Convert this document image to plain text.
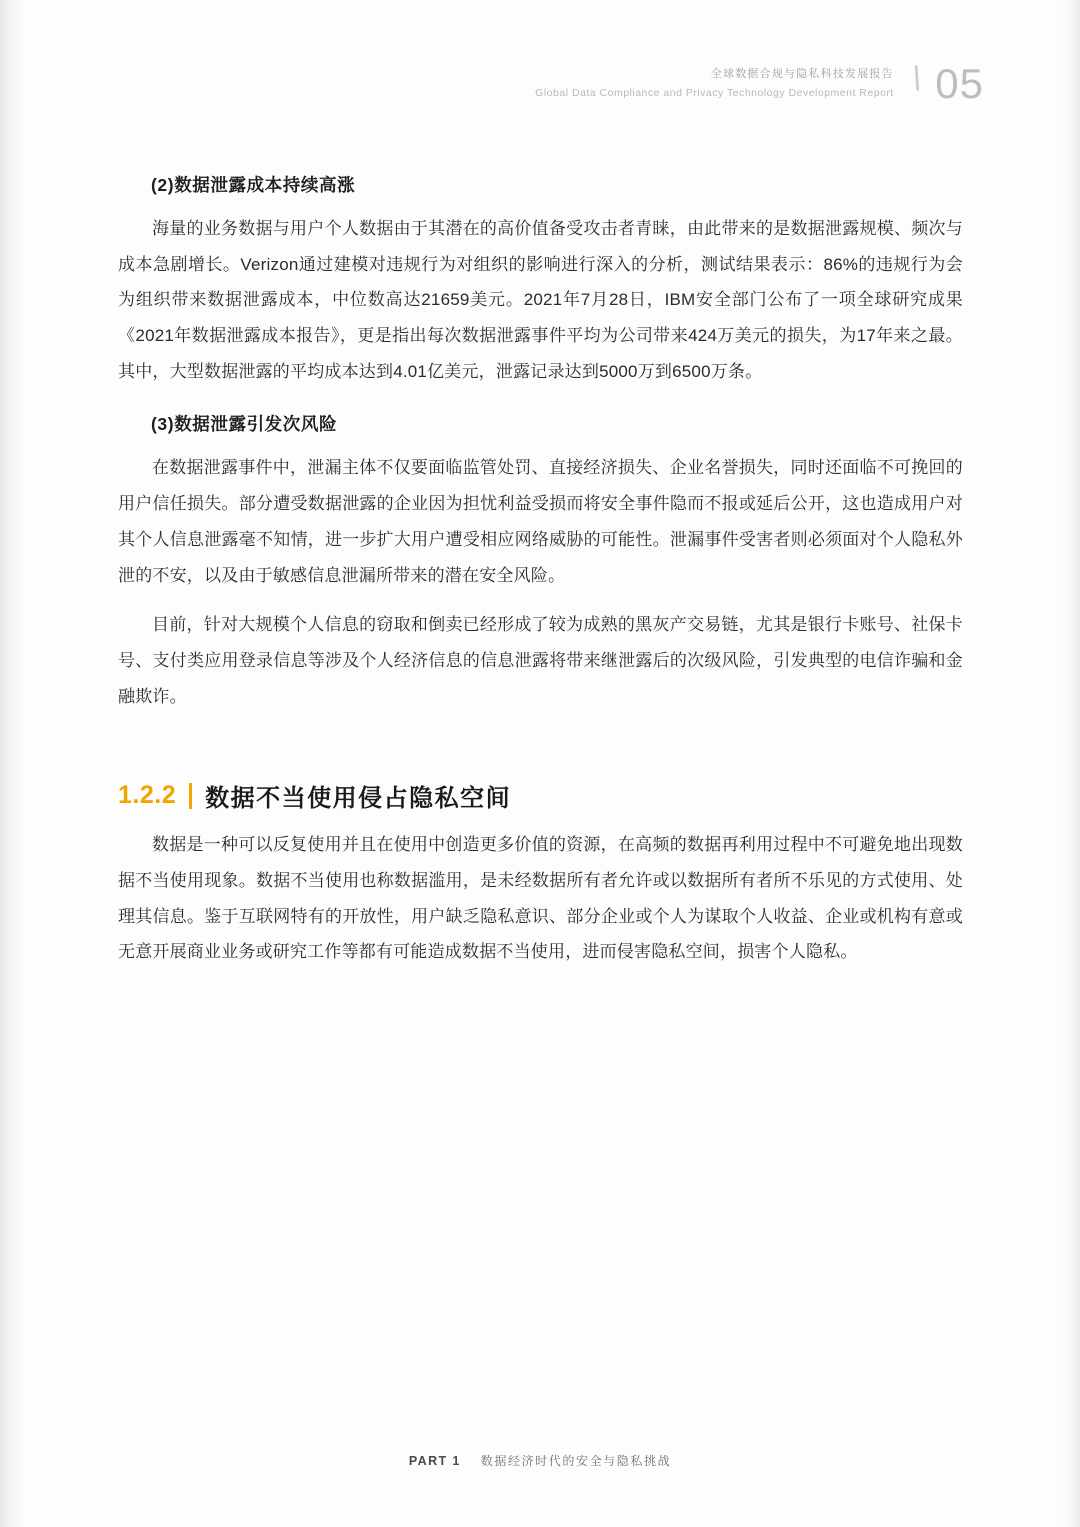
全球数据合规与隐私科技发展报告
Global Data Compliance and Privacy Technology Development Report \ 05
(2)数据泄露成本持续高涨

海量的业务数据与用户个人数据由于其潜在的高价值备受攻击者青睐，由此带来的是数据泄露规模、频次与成本急剧增长。Verizon通过建模对违规行为对组织的影响进行深入的分析，测试结果表示：86%的违规行为会为组织带来数据泄露成本，中位数高达21659美元。2021年7月28日，IBM安全部门公布了一项全球研究成果《2021年数据泄露成本报告》，更是指出每次数据泄露事件平均为公司带来424万美元的损失，为17年来之最。其中，大型数据泄露的平均成本达到4.01亿美元，泄露记录达到5000万到6500万条。

(3)数据泄露引发次风险

在数据泄露事件中，泄漏主体不仅要面临监管处罚、直接经济损失、企业名誉损失，同时还面临不可挽回的用户信任损失。部分遭受数据泄露的企业因为担忧利益受损而将安全事件隐而不报或延后公开，这也造成用户对其个人信息泄露毫不知情，进一步扩大用户遭受相应网络威胁的可能性。泄漏事件受害者则必须面对个人隐私外泄的不安，以及由于敏感信息泄漏所带来的潜在安全风险。

目前，针对大规模个人信息的窃取和倒卖已经形成了较为成熟的黑灰产交易链，尤其是银行卡账号、社保卡号、支付类应用登录信息等涉及个人经济信息的信息泄露将带来继泄露后的次级风险，引发典型的电信诈骗和金融欺诈。

1.2.2 数据不当使用侵占隐私空间

数据是一种可以反复使用并且在使用中创造更多价值的资源，在高频的数据再利用过程中不可避免地出现数据不当使用现象。数据不当使用也称数据滥用，是未经数据所有者允许或以数据所有者所不乐见的方式使用、处理其信息。鉴于互联网特有的开放性，用户缺乏隐私意识、部分企业或个人为谋取个人收益、企业或机构有意或无意开展商业业务或研究工作等都有可能造成数据不当使用，进而侵害隐私空间，损害个人隐私。

PART 1 数据经济时代的安全与隐私挑战
